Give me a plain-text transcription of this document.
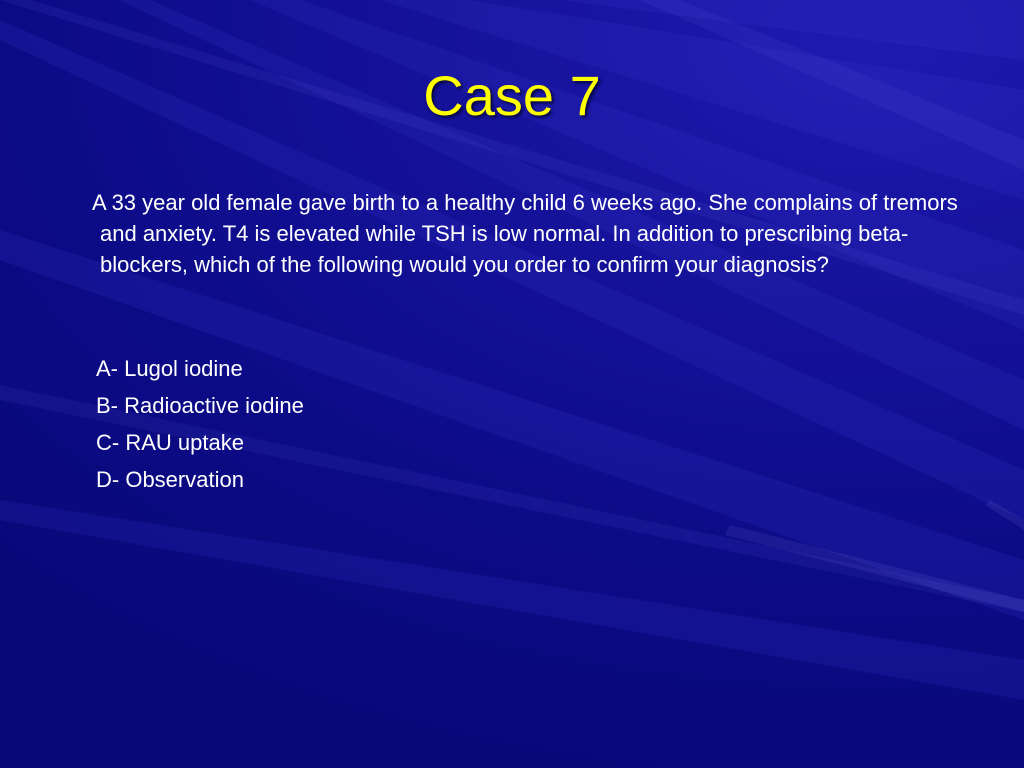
Case 7

A 33 year old female gave birth to a healthy child 6 weeks ago. She complains of tremors and anxiety. T4 is elevated while TSH is low normal. In addition to prescribing beta-blockers, which of the following would you order to confirm your diagnosis?

A- Lugol iodine
B- Radioactive iodine
C- RAU uptake
D- Observation
